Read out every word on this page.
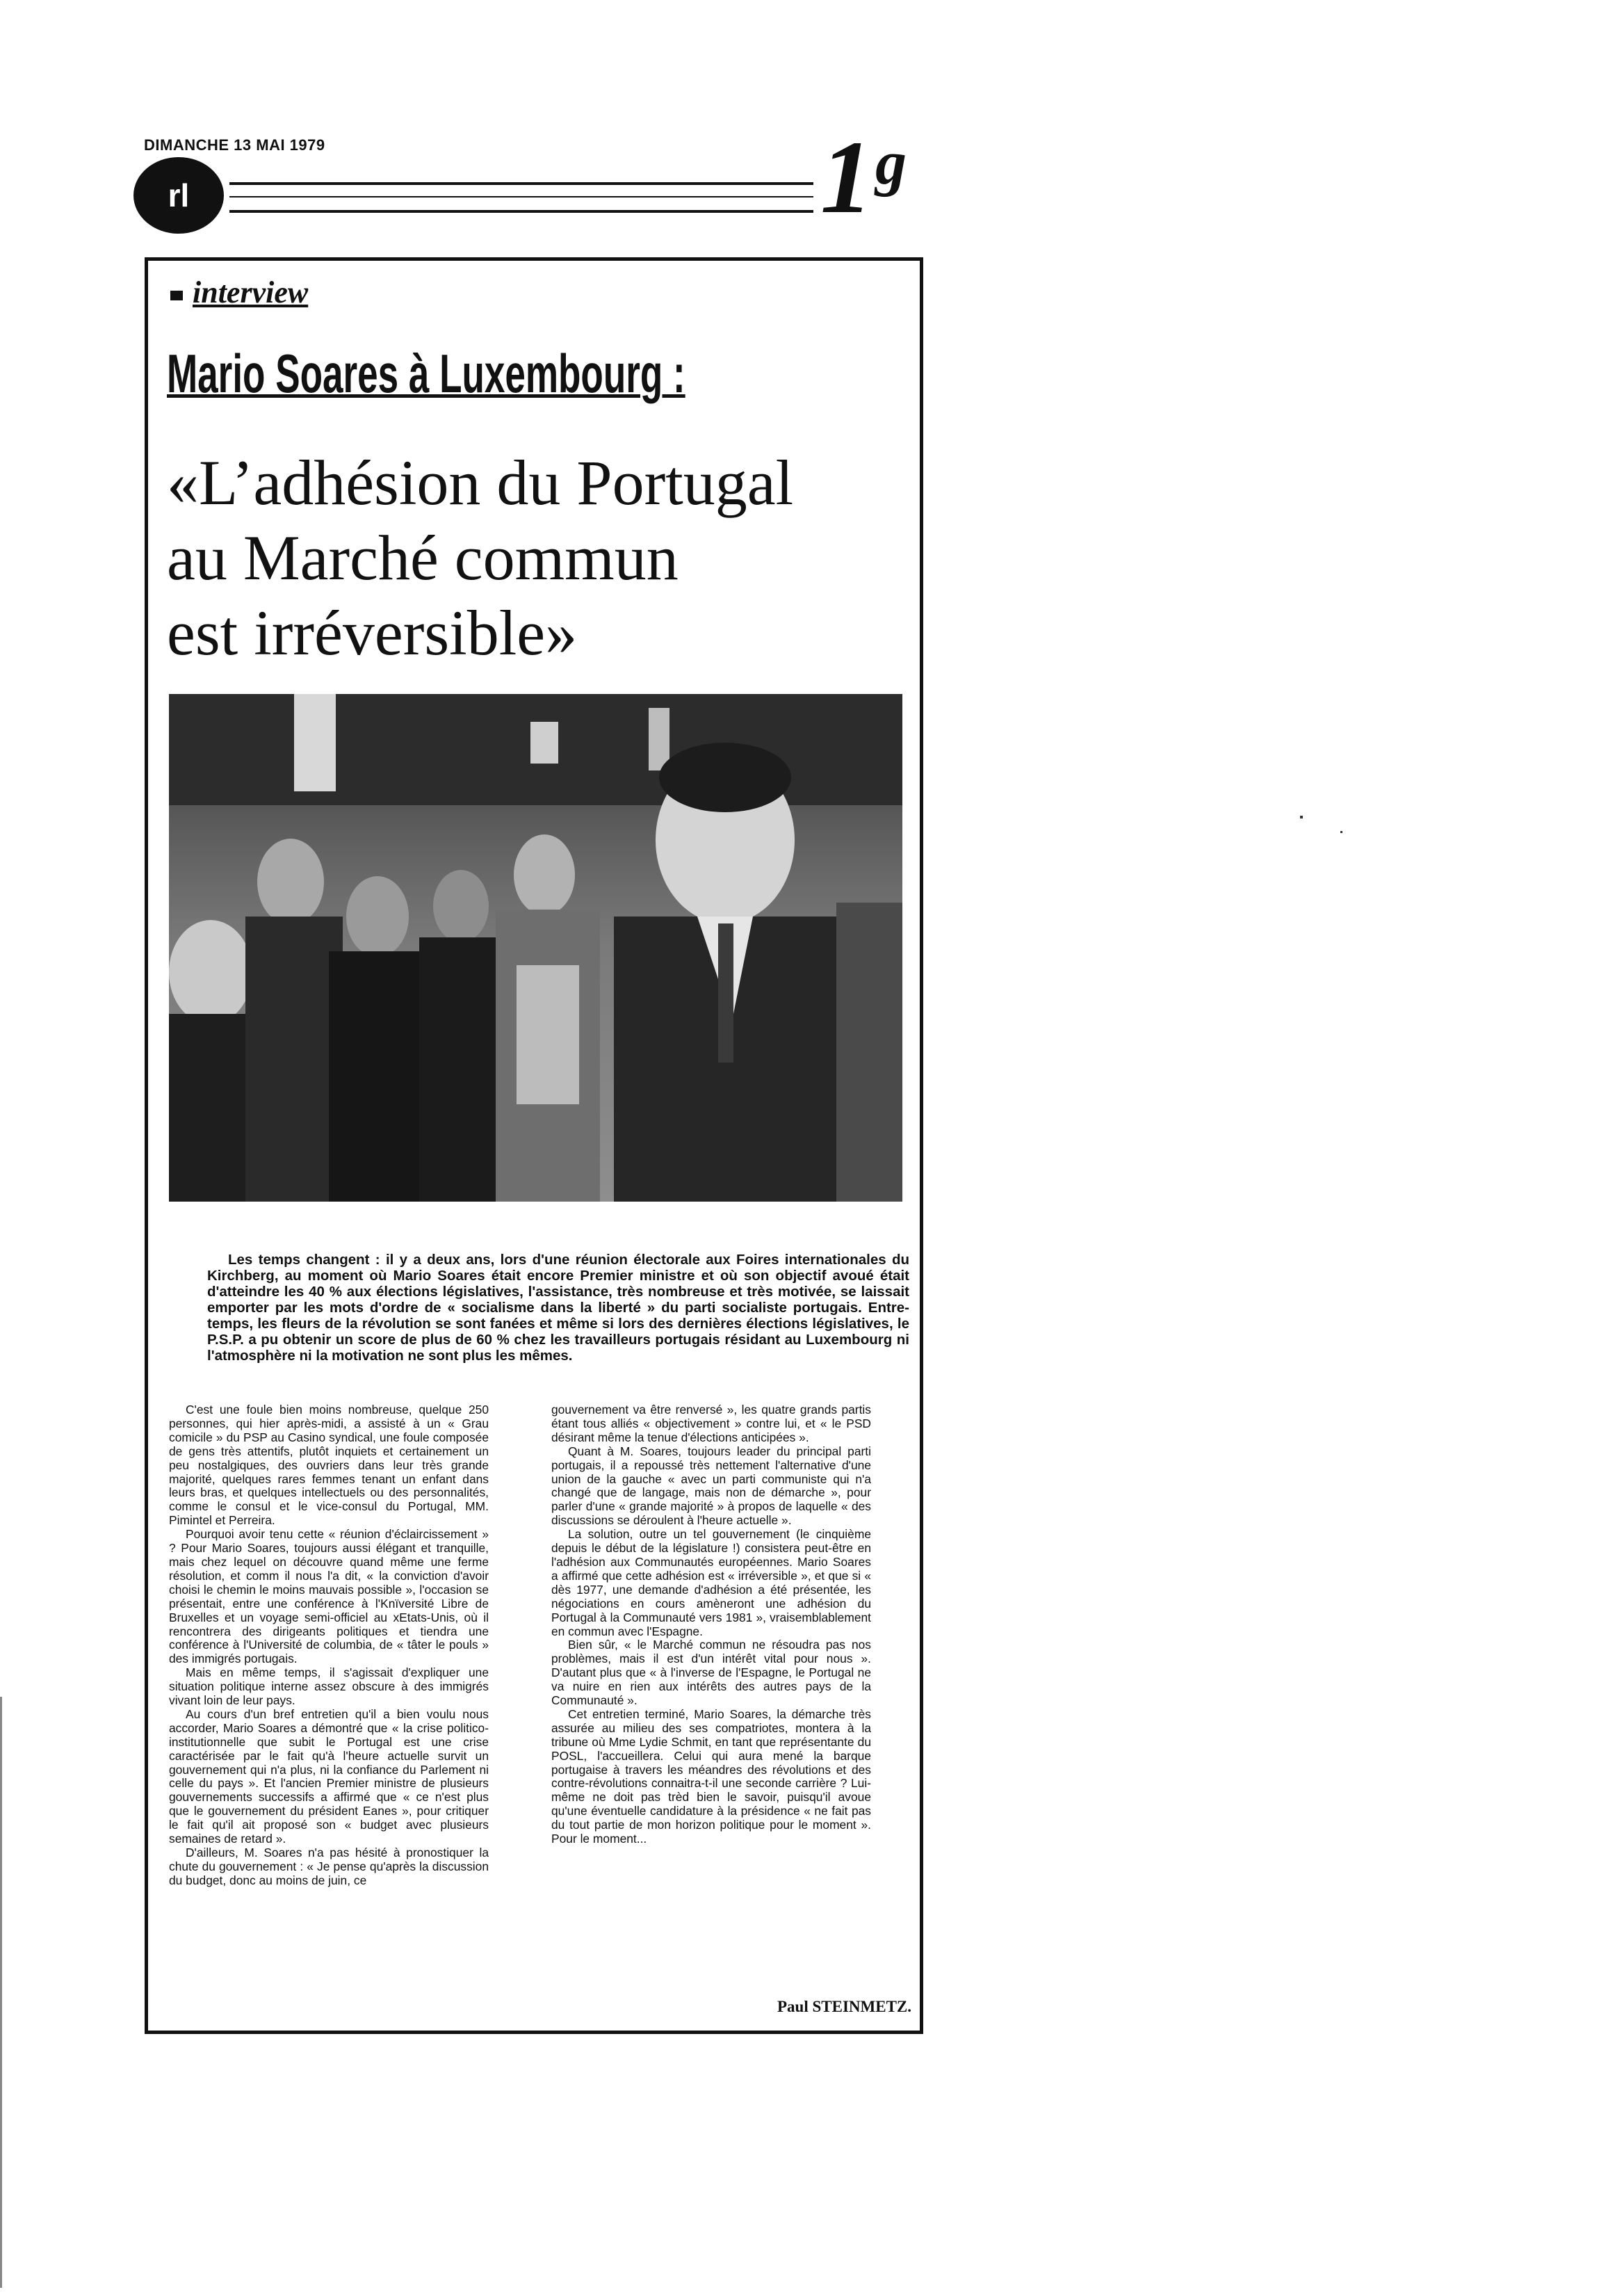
DIMANCHE 13 MAI 1979
rl	1ᵍ
interview
Mario Soares à Luxembourg :
«L’adhésion du Portugal
au Marché commun
est irréversible»
Les temps changent : il y a deux ans, lors d'une réunion électorale aux Foires internationales du Kirchberg, au moment où Mario Soares était encore Premier ministre et où son objectif avoué était d'atteindre les 40 % aux élections législatives, l'assistance, très nombreuse et très motivée, se laissait emporter par les mots d'ordre de « socialisme dans la liberté » du parti socialiste portugais. Entre-temps, les fleurs de la révolution se sont fanées et même si lors des dernières élections législatives, le P.S.P. a pu obtenir un score de plus de 60 % chez les travailleurs portugais résidant au Luxembourg ni l'atmosphère ni la motivation ne sont plus les mêmes.

C'est une foule bien moins nombreuse, quelque 250 personnes, qui hier après-midi, a assisté à un « Grau comicile » du PSP au Casino syndical, une foule composée de gens très attentifs, plutôt inquiets et certainement un peu nostalgiques, des ouvriers dans leur très grande majorité, quelques rares femmes tenant un enfant dans leurs bras, et quelques intellectuels ou des personnalités, comme le consul et le vice-consul du Portugal, MM. Pimintel et Perreira.

Pourquoi avoir tenu cette « réunion d'éclaircissement » ? Pour Mario Soares, toujours aussi élégant et tranquille, mais chez lequel on découvre quand même une ferme résolution, et comm il nous l'a dit, « la conviction d'avoir choisi le chemin le moins mauvais possible », l'occasion se présentait, entre une conférence à l'Knïversité Libre de Bruxelles et un voyage semi-officiel au xEtats-Unis, où il rencontrera des dirigeants politiques et tiendra une conférence à l'Université de columbia, de « tâter le pouls » des immigrés portugais.

Mais en même temps, il s'agissait d'expliquer une situation politique interne assez obscure à des immigrés vivant loin de leur pays.

Au cours d'un bref entretien qu'il a bien voulu nous accorder, Mario Soares a démontré que « la crise politico-institutionnelle que subit le Portugal est une crise caractérisée par le fait qu'à l'heure actuelle survit un gouvernement qui n'a plus, ni la confiance du Parlement ni celle du pays ». Et l'ancien Premier ministre de plusieurs gouvernements successifs a affirmé que « ce n'est plus que le gouvernement du président Eanes », pour critiquer le fait qu'il ait proposé son « budget avec plusieurs semaines de retard ».

D'ailleurs, M. Soares n'a pas hésité à pronostiquer la chute du gouvernement : « Je pense qu'après la discussion du budget, donc au moins de juin, ce

gouvernement va être renversé », les quatre grands partis étant tous alliés « objectivement » contre lui, et « le PSD désirant même la tenue d'élections anticipées ».

Quant à M. Soares, toujours leader du principal parti portugais, il a repoussé très nettement l'alternative d'une union de la gauche « avec un parti communiste qui n'a changé que de langage, mais non de démarche », pour parler d'une « grande majorité » à propos de laquelle « des discussions se déroulent à l'heure actuelle ».

La solution, outre un tel gouvernement (le cinquième depuis le début de la législature !) consistera peut-être en l'adhésion aux Communautés européennes. Mario Soares a affirmé que cette adhésion est « irréversible », et que si « dès 1977, une demande d'adhésion a été présentée, les négociations en cours amèneront une adhésion du Portugal à la Communauté vers 1981 », vraisemblablement en commun avec l'Espagne.

Bien sûr, « le Marché commun ne résoudra pas nos problèmes, mais il est d'un intérêt vital pour nous ». D'autant plus que « à l'inverse de l'Espagne, le Portugal ne va nuire en rien aux intérêts des autres pays de la Communauté ».

Cet entretien terminé, Mario Soares, la démarche très assurée au milieu des ses compatriotes, montera à la tribune où Mme Lydie Schmit, en tant que représentante du POSL, l'accueillera. Celui qui aura mené la barque portugaise à travers les méandres des révolutions et des contre-révolutions connaitra-t-il une seconde carrière ? Lui-même ne doit pas trèd bien le savoir, puisqu'il avoue qu'une éventuelle candidature à la présidence « ne fait pas du tout partie de mon horizon politique pour le moment ». Pour le moment...

Paul STEINMETZ.
